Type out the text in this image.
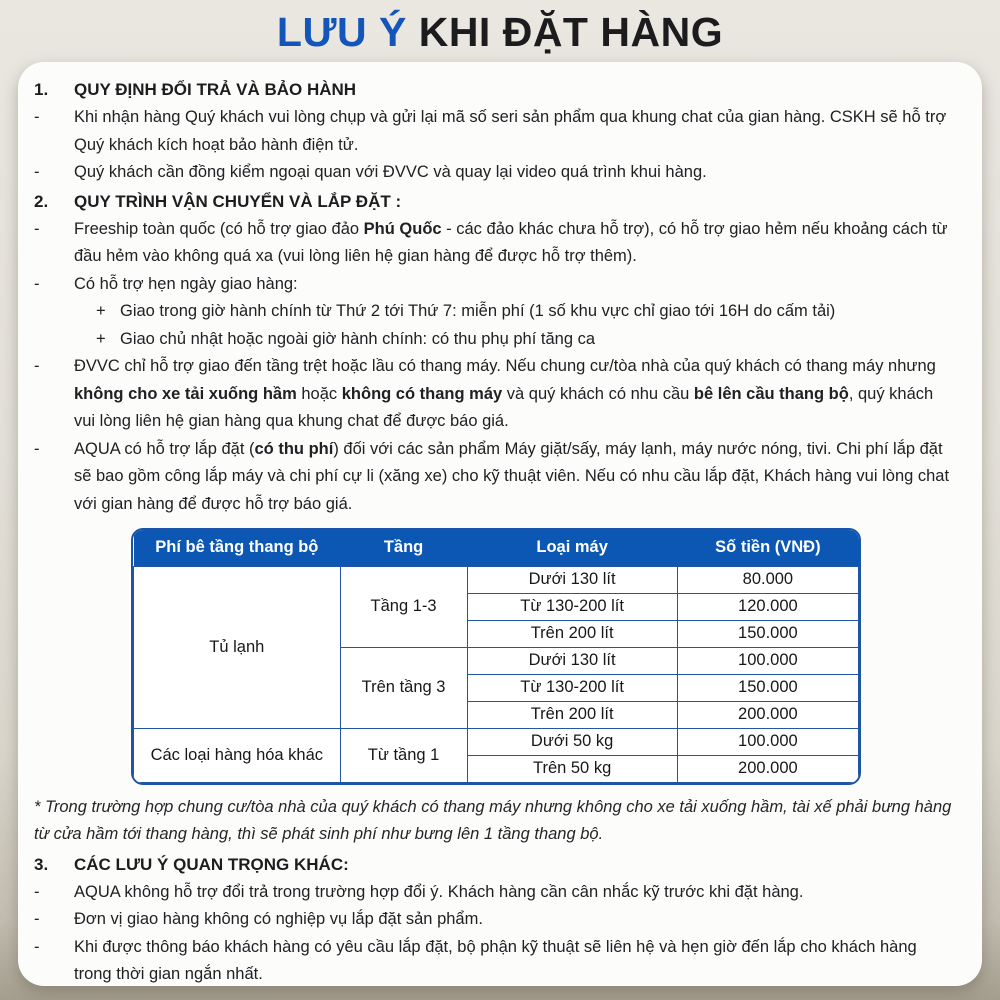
LƯU Ý KHI ĐẶT HÀNG
1.	QUY ĐỊNH ĐỔI TRẢ VÀ BẢO HÀNH
-	Khi nhận hàng Quý khách vui lòng chụp và gửi lại mã số seri sản phẩm qua khung chat của gian hàng. CSKH sẽ hỗ trợ Quý khách kích hoạt bảo hành điện tử.
-	Quý khách cần đồng kiểm ngoại quan với ĐVVC và quay lại video quá trình khui hàng.
2.	QUY TRÌNH VẬN CHUYỂN VÀ LẮP ĐẶT :
-	Freeship toàn quốc (có hỗ trợ giao đảo Phú Quốc - các đảo khác chưa hỗ trợ), có hỗ trợ giao hẻm nếu khoảng cách từ đầu hẻm vào không quá xa (vui lòng liên hệ gian hàng để được hỗ trợ thêm).
-	Có hỗ trợ hẹn ngày giao hàng:
+ Giao trong giờ hành chính từ Thứ 2 tới Thứ 7: miễn phí (1 số khu vực chỉ giao tới 16H do cấm tải)
+ Giao chủ nhật hoặc ngoài giờ hành chính: có thu phụ phí tăng ca
-	ĐVVC chỉ hỗ trợ giao đến tầng trệt hoặc lầu có thang máy. Nếu chung cư/tòa nhà của quý khách có thang máy nhưng không cho xe tải xuống hầm hoặc không có thang máy và quý khách có nhu cầu bê lên cầu thang bộ, quý khách vui lòng liên hệ gian hàng qua khung chat để được báo giá.
-	AQUA có hỗ trợ lắp đặt (có thu phí) đối với các sản phẩm Máy giặt/sấy, máy lạnh, máy nước nóng, tivi. Chi phí lắp đặt sẽ bao gồm công lắp máy và chi phí cự li (xăng xe) cho kỹ thuật viên. Nếu có nhu cầu lắp đặt, Khách hàng vui lòng chat với gian hàng để được hỗ trợ báo giá.
Phí bê tầng thang bộ	Tầng	Loại máy	Số tiền (VNĐ)
Tủ lạnh	Tầng 1-3	Dưới 130 lít	80.000
		Từ 130-200 lít	120.000
		Trên 200 lít	150.000
	Trên tầng 3	Dưới 130 lít	100.000
		Từ 130-200 lít	150.000
		Trên 200 lít	200.000
Các loại hàng hóa khác	Từ tầng 1	Dưới 50 kg	100.000
		Trên 50 kg	200.000

* Trong trường hợp chung cư/tòa nhà của quý khách có thang máy nhưng không cho xe tải xuống hầm, tài xế phải bưng hàng từ cửa hầm tới thang hàng, thì sẽ phát sinh phí như bưng lên 1 tầng thang bộ.

3.	CÁC LƯU Ý QUAN TRỌNG KHÁC:
-	AQUA không hỗ trợ đổi trả trong trường hợp đổi ý. Khách hàng cần cân nhắc kỹ trước khi đặt hàng.
-	Đơn vị giao hàng không có nghiệp vụ lắp đặt sản phẩm.
-	Khi được thông báo khách hàng có yêu cầu lắp đặt, bộ phận kỹ thuật sẽ liên hệ và hẹn giờ đến lắp cho khách hàng trong thời gian ngắn nhất.
